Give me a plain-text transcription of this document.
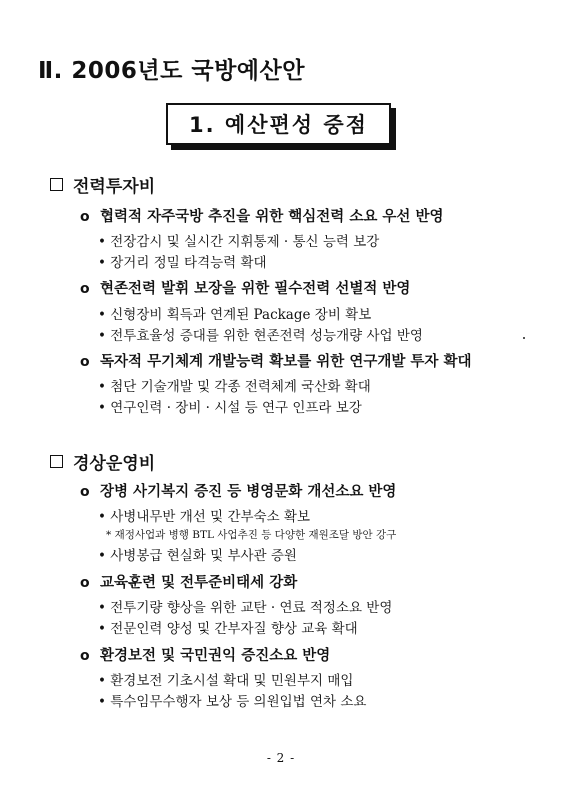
Ⅱ. 2006년도 국방예산안
1. 예산편성 중점
전력투자비
o 협력적 자주국방 추진을 위한 핵심전력 소요 우선 반영
• 전장감시 및 실시간 지휘통제 · 통신 능력 보강
• 장거리 정밀 타격능력 확대
o 현존전력 발휘 보장을 위한 필수전력 선별적 반영
• 신형장비 획득과 연계된 Package 장비 확보
• 전투효율성 증대를 위한 현존전력 성능개량 사업 반영
o 독자적 무기체계 개발능력 확보를 위한 연구개발 투자 확대
• 첨단 기술개발 및 각종 전력체계 국산화 확대
• 연구인력 · 장비 · 시설 등 연구 인프라 보강
경상운영비
o 장병 사기복지 증진 등 병영문화 개선소요 반영
• 사병내무반 개선 및 간부숙소 확보
* 재정사업과 병행 BTL 사업추진 등 다양한 재원조달 방안 강구
• 사병봉급 현실화 및 부사관 증원
o 교육훈련 및 전투준비태세 강화
• 전투기량 향상을 위한 교탄 · 연료 적정소요 반영
• 전문인력 양성 및 간부자질 향상 교육 확대
o 환경보전 및 국민권익 증진소요 반영
• 환경보전 기초시설 확대 및 민원부지 매입
• 특수임무수행자 보상 등 의원입법 연차 소요
- 2 -
